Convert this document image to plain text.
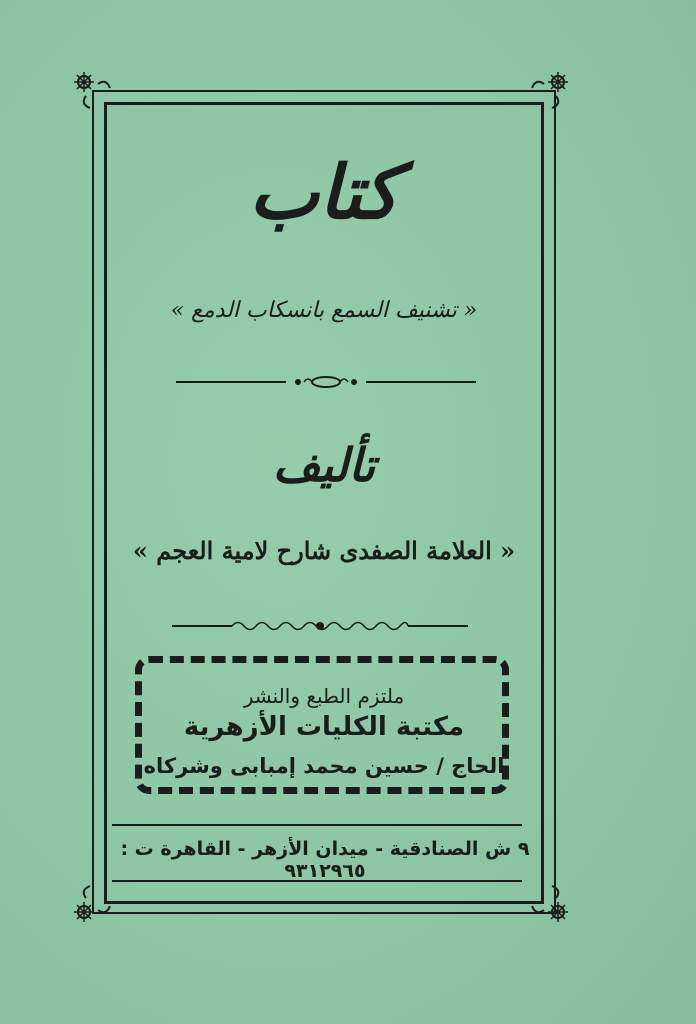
كتاب
« تشنيف السمع بانسكاب الدمع »
تأليف
« العلامة الصفدى شارح لامية العجم »
ملتزم الطبع والنشر
مكتبة الكليات الأزهرية
الحاج / حسين محمد إمبابى وشركاه
٩ ش الصنادقية - ميدان الأزهر - القاهرة ت : ٩٣١٢٩٦٥
